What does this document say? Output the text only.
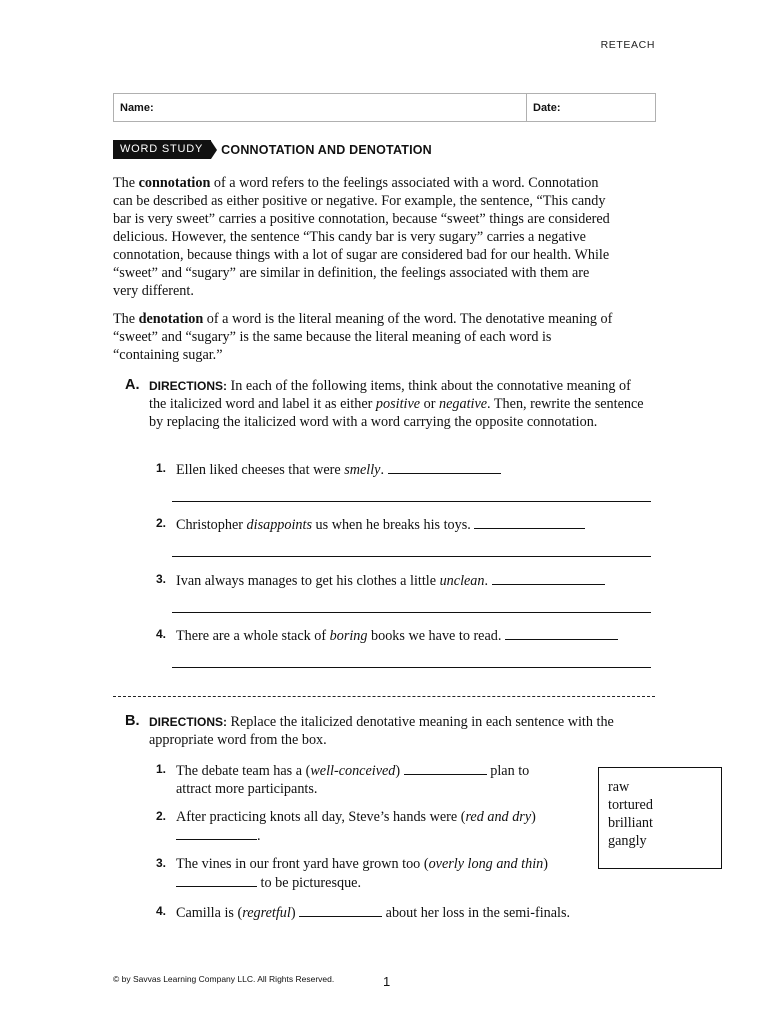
RETEACH
Name:	Date:
WORD STUDY	CONNOTATION AND DENOTATION
The connotation of a word refers to the feelings associated with a word. Connotation can be described as either positive or negative. For example, the sentence, “This candy bar is very sweet” carries a positive connotation, because “sweet” things are considered delicious. However, the sentence “This candy bar is very sugary” carries a negative connotation, because things with a lot of sugar are considered bad for our health. While “sweet” and “sugary” are similar in definition, the feelings associated with them are very different.
The denotation of a word is the literal meaning of the word. The denotative meaning of “sweet” and “sugary” is the same because the literal meaning of each word is “containing sugar.”
A. DIRECTIONS: In each of the following items, think about the connotative meaning of the italicized word and label it as either positive or negative. Then, rewrite the sentence by replacing the italicized word with a word carrying the opposite connotation.
1. Ellen liked cheeses that were smelly.
2. Christopher disappoints us when he breaks his toys.
3. Ivan always manages to get his clothes a little unclean.
4. There are a whole stack of boring books we have to read.
B. DIRECTIONS: Replace the italicized denotative meaning in each sentence with the appropriate word from the box.
1. The debate team has a (well-conceived)	plan to attract more participants.
2. After practicing knots all day, Steve’s hands were (red and dry) .
3. The vines in our front yard have grown too (overly long and thin)  to be picturesque.
4. Camilla is (regretful)	about her loss in the semi-finals.
raw
tortured
brilliant
gangly
© by Savvas Learning Company LLC. All Rights Reserved.	1
